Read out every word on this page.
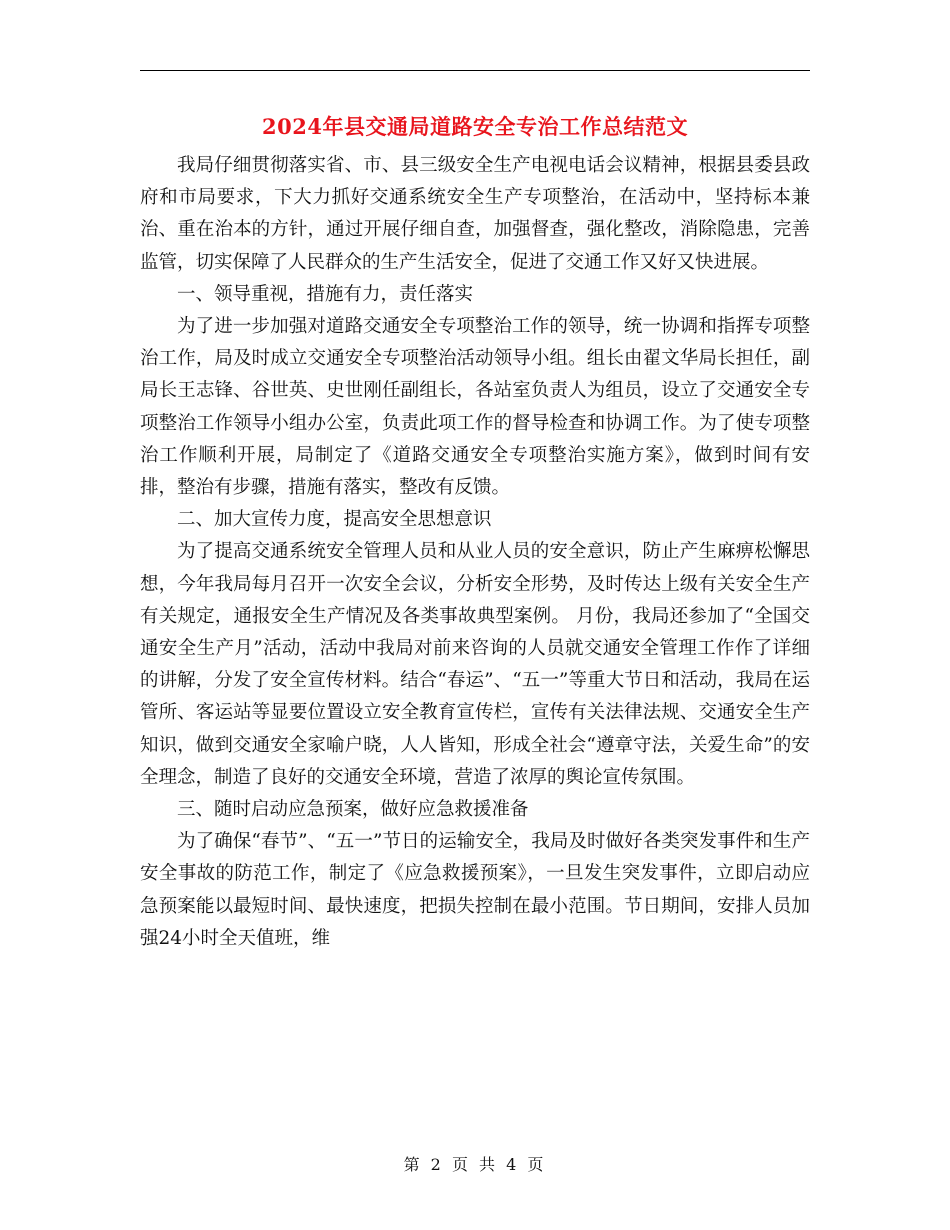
2024年县交通局道路安全专治工作总结范文

我局仔细贯彻落实省、市、县三级安全生产电视电话会议精神，根据县委县政府和市局要求，下大力抓好交通系统安全生产专项整治，在活动中，坚持标本兼治、重在治本的方针，通过开展仔细自查，加强督查，强化整改，消除隐患，完善监管，切实保障了人民群众的生产生活安全，促进了交通工作又好又快进展。

一、领导重视，措施有力，责任落实

为了进一步加强对道路交通安全专项整治工作的领导，统一协调和指挥专项整治工作，局及时成立交通安全专项整治活动领导小组。组长由翟文华局长担任，副局长王志锋、谷世英、史世刚任副组长，各站室负责人为组员，设立了交通安全专项整治工作领导小组办公室，负责此项工作的督导检查和协调工作。为了使专项整治工作顺利开展，局制定了《道路交通安全专项整治实施方案》，做到时间有安排，整治有步骤，措施有落实，整改有反馈。

二、加大宣传力度，提高安全思想意识

为了提高交通系统安全管理人员和从业人员的安全意识，防止产生麻痹松懈思想，今年我局每月召开一次安全会议，分析安全形势，及时传达上级有关安全生产有关规定，通报安全生产情况及各类事故典型案例。 月份，我局还参加了“全国交通安全生产月”活动，活动中我局对前来咨询的人员就交通安全管理工作作了详细的讲解，分发了安全宣传材料。结合“春运”、“五一”等重大节日和活动，我局在运管所、客运站等显要位置设立安全教育宣传栏，宣传有关法律法规、交通安全生产知识，做到交通安全家喻户晓，人人皆知，形成全社会“遵章守法，关爱生命”的安全理念，制造了良好的交通安全环境，营造了浓厚的舆论宣传氛围。

三、随时启动应急预案，做好应急救援准备

为了确保“春节”、“五一”节日的运输安全，我局及时做好各类突发事件和生产安全事故的防范工作，制定了《应急救援预案》，一旦发生突发事件，立即启动应急预案能以最短时间、最快速度，把损失控制在最小范围。节日期间，安排人员加强24小时全天值班，维

第 2 页 共 4 页
